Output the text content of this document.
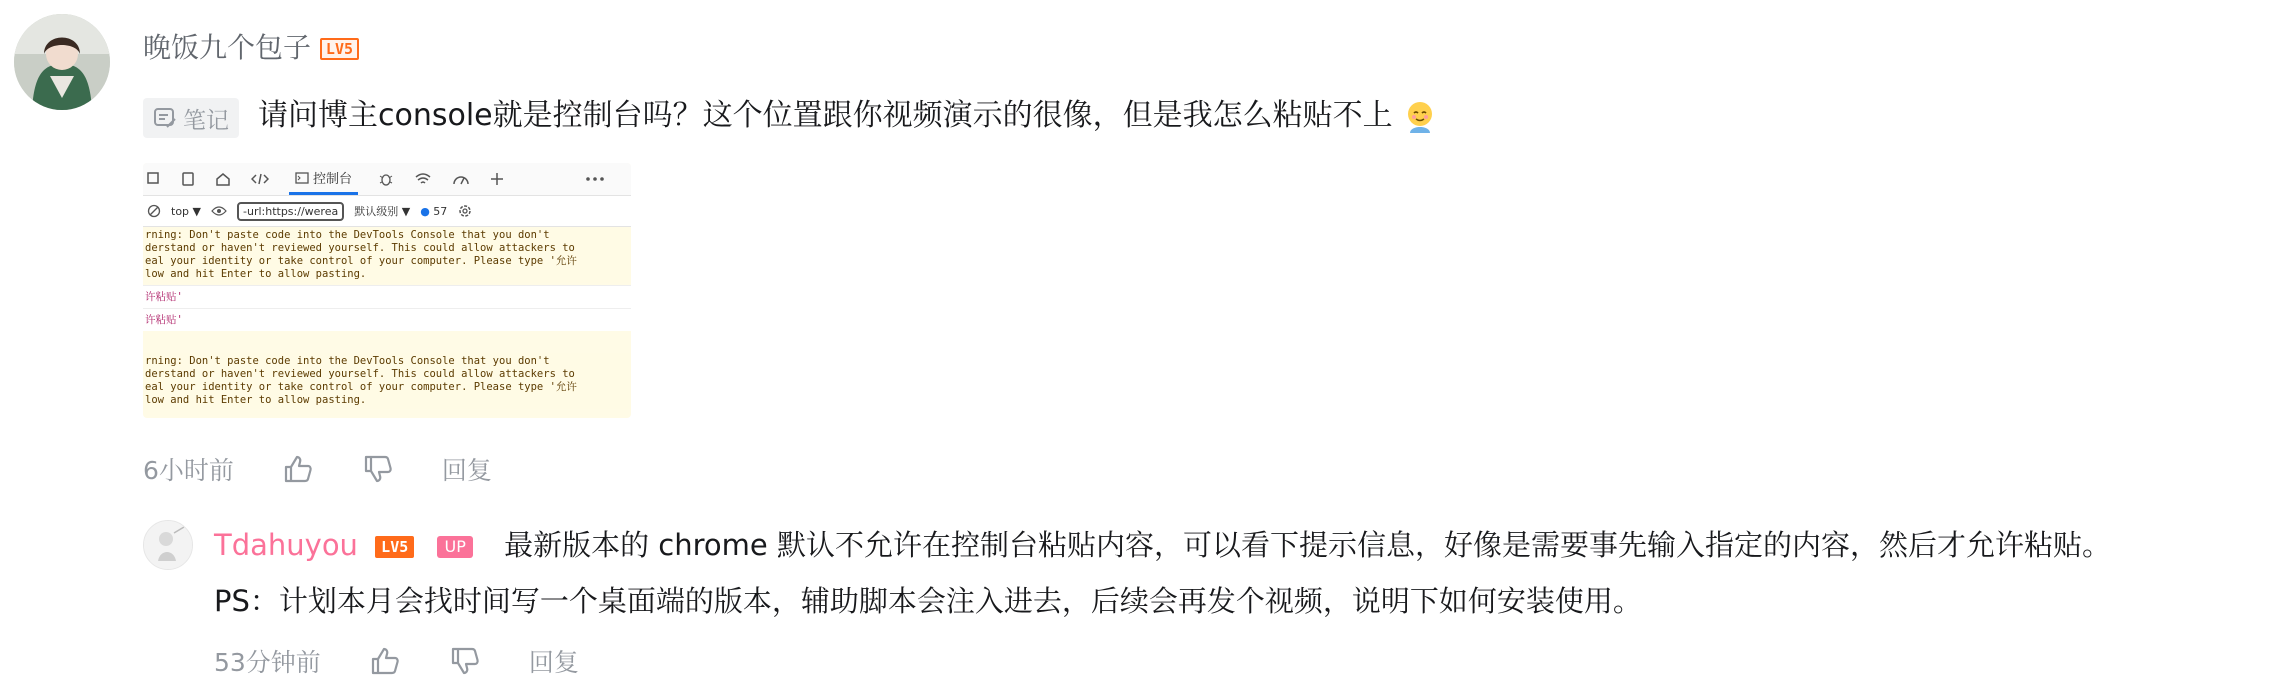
晚饭九个包子 LV5
笔记 请问博主console就是控制台吗？这个位置跟你视频演示的很像，但是我怎么粘贴不上
控制台
top ▼	-url:https://werea	默认级别 ▼ ● 57
rning: Don't paste code into the DevTools Console that you don't
derstand or haven't reviewed yourself. This could allow attackers to
eal your identity or take control of your computer. Please type '允许
low and hit Enter to allow pasting.
许粘贴'
许粘贴'
rning: Don't paste code into the DevTools Console that you don't
derstand or haven't reviewed yourself. This could allow attackers to
eal your identity or take control of your computer. Please type '允许
low and hit Enter to allow pasting.
6小时前	回复
Tdahuyou LV5 UP 最新版本的 chrome 默认不允许在控制台粘贴内容，可以看下提示信息，好像是需要事先输入指定的内容，然后才允许粘贴。
PS：计划本月会找时间写一个桌面端的版本，辅助脚本会注入进去，后续会再发个视频，说明下如何安装使用。
53分钟前	回复
